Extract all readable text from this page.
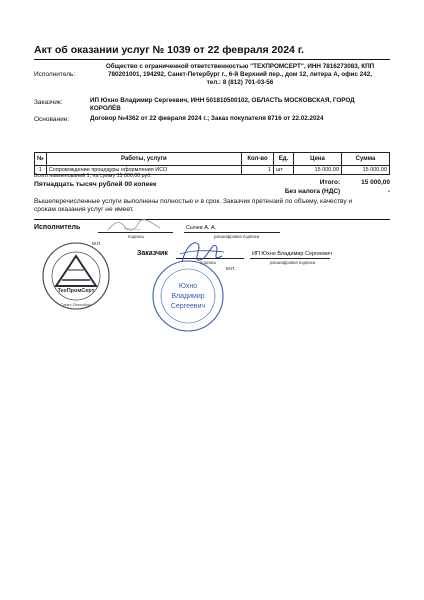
Акт об оказании услуг № 1039 от 22 февраля 2024 г.
Исполнитель:
Общество с ограниченной ответственностью "ТЕХПРОМСЕРТ", ИНН 7816273083, КПП
780201001, 194292, Санкт-Петербург г., 6-й Верхний пер., дом 12, литера А, офис 242,
тел.: 8 (812) 701-03-56
Заказчик:	ИП Юхно Владимир Сергеевич, ИНН 501810500102, ОБЛАСТЬ МОСКОВСКАЯ, ГОРОД
КОРОЛЁВ
Основание:	Договор №4362 от 22 февраля 2024 г.; Заказ покупателя 8716 от 22.02.2024
№	Работы, услуги	Кол-во	Ед.	Цена	Сумма
1	Сопровождение процедуры оформления ИСО	1	шт	15 000,00	15 000,00
Итого:	15 000,00
Без налога (НДС)	-
Всего наименований 1, на сумму 15 000,00 руб.
Пятнадцать тысяч рублей 00 копеек
Вышеперечисленные услуги выполнены полностью и в срок. Заказчик претензий по объему, качеству и
срокам оказания услуг не имеет.
Исполнитель
подпись
Сычев А. А.
расшифровка подписи
ТехПромСерт
Санкт-Петербург
М.П.
Заказчик
подпись
ИП Юхно Владимир Сергеевич
расшифровка подписи
М.П.
Юхно
Владимир
Сергеевич
